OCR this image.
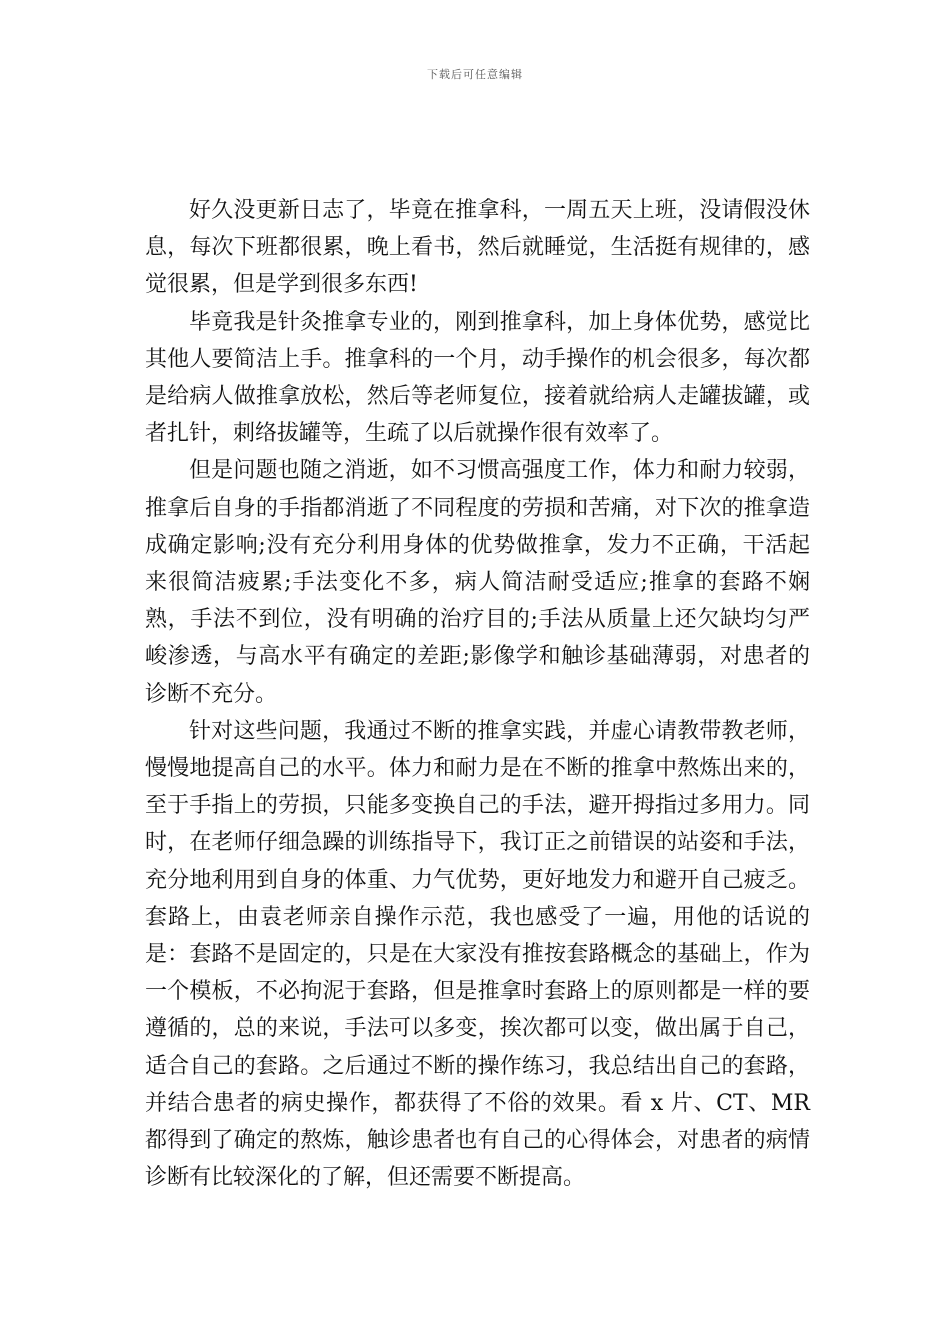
下载后可任意编辑

好久没更新日志了，毕竟在推拿科，一周五天上班，没请假没休息，每次下班都很累，晚上看书，然后就睡觉，生活挺有规律的，感觉很累，但是学到很多东西!

毕竟我是针灸推拿专业的，刚到推拿科，加上身体优势，感觉比其他人要简洁上手。推拿科的一个月，动手操作的机会很多，每次都是给病人做推拿放松，然后等老师复位，接着就给病人走罐拔罐，或者扎针，刺络拔罐等，生疏了以后就操作很有效率了。

但是问题也随之消逝，如不习惯高强度工作，体力和耐力较弱，推拿后自身的手指都消逝了不同程度的劳损和苦痛，对下次的推拿造成确定影响;没有充分利用身体的优势做推拿，发力不正确，干活起来很简洁疲累;手法变化不多，病人简洁耐受适应;推拿的套路不娴熟，手法不到位，没有明确的治疗目的;手法从质量上还欠缺均匀严峻渗透，与高水平有确定的差距;影像学和触诊基础薄弱，对患者的诊断不充分。

针对这些问题，我通过不断的推拿实践，并虚心请教带教老师，慢慢地提高自己的水平。体力和耐力是在不断的推拿中熬炼出来的，至于手指上的劳损，只能多变换自己的手法，避开拇指过多用力。同时，在老师仔细急躁的训练指导下，我订正之前错误的站姿和手法，充分地利用到自身的体重、力气优势，更好地发力和避开自己疲乏。套路上，由袁老师亲自操作示范，我也感受了一遍，用他的话说的是：套路不是固定的，只是在大家没有推按套路概念的基础上，作为一个模板，不必拘泥于套路，但是推拿时套路上的原则都是一样的要遵循的，总的来说，手法可以多变，挨次都可以变，做出属于自己，适合自己的套路。之后通过不断的操作练习，我总结出自己的套路，并结合患者的病史操作，都获得了不俗的效果。看 x 片、CT、MR 都得到了确定的熬炼，触诊患者也有自己的心得体会，对患者的病情诊断有比较深化的了解，但还需要不断提高。
